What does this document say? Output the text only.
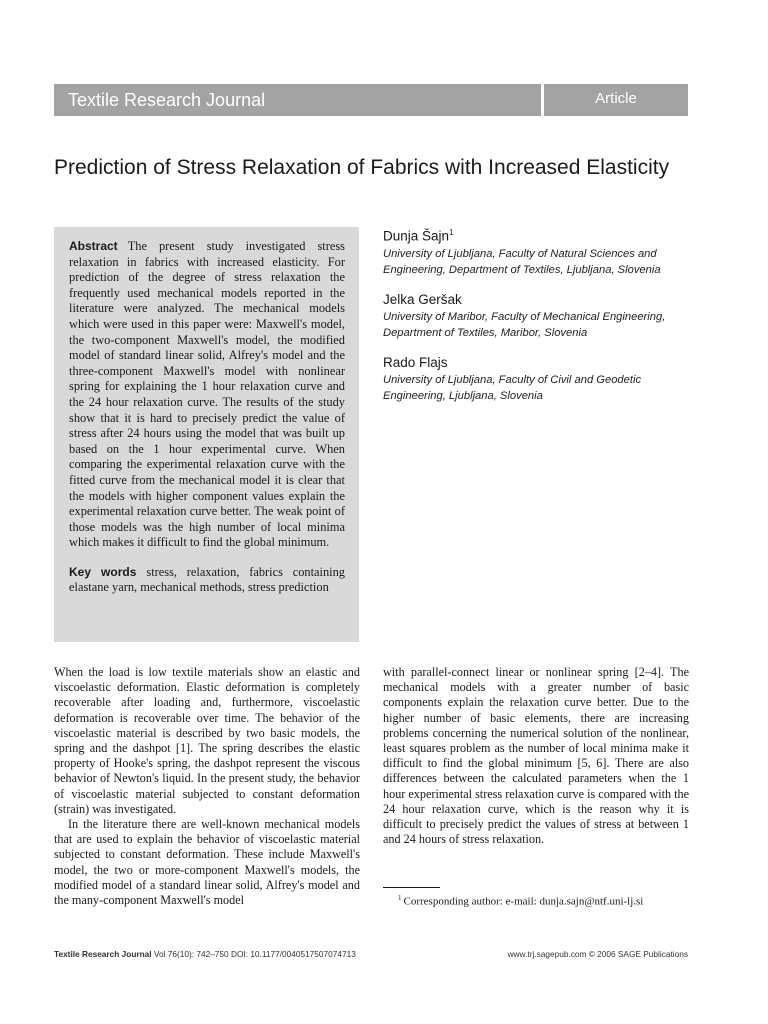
Textile Research Journal	Article
Prediction of Stress Relaxation of Fabrics with Increased Elasticity

Abstract The present study investigated stress relaxation in fabrics with increased elasticity. For prediction of the degree of stress relaxation the frequently used mechanical models reported in the literature were analyzed. The mechanical models which were used in this paper were: Maxwell's model, the two-component Maxwell's model, the modified model of standard linear solid, Alfrey's model and the three-component Maxwell's model with nonlinear spring for explaining the 1 hour relaxation curve and the 24 hour relaxation curve. The results of the study show that it is hard to precisely predict the value of stress after 24 hours using the model that was built up based on the 1 hour experimental curve. When comparing the experimental relaxation curve with the fitted curve from the mechanical model it is clear that the models with higher component values explain the experimental relaxation curve better. The weak point of those models was the high number of local minima which makes it difficult to find the global minimum.

Key words stress, relaxation, fabrics containing elastane yarn, mechanical methods, stress prediction

Dunja Šajn$^1$
University of Ljubljana, Faculty of Natural Sciences and Engineering, Department of Textiles, Ljubljana, Slovenia
Jelka Geršak
University of Maribor, Faculty of Mechanical Engineering, Department of Textiles, Maribor, Slovenia
Rado Flajs
University of Ljubljana, Faculty of Civil and Geodetic Engineering, Ljubljana, Slovenia

When the load is low textile materials show an elastic and viscoelastic deformation. Elastic deformation is completely recoverable after loading and, furthermore, viscoelastic deformation is recoverable over time. The behavior of the viscoelastic material is described by two basic models, the spring and the dashpot [1]. The spring describes the elastic property of Hooke's spring, the dashpot represent the viscous behavior of Newton's liquid. In the present study, the behavior of viscoelastic material subjected to constant deformation (strain) was investigated.

In the literature there are well-known mechanical models that are used to explain the behavior of viscoelastic material subjected to constant deformation. These include Maxwell's model, the two or more-component Maxwell's models, the modified model of a standard linear solid, Alfrey's model and the many-component Maxwell's model

with parallel-connect linear or nonlinear spring [2–4]. The mechanical models with a greater number of basic components explain the relaxation curve better. Due to the higher number of basic elements, there are increasing problems concerning the numerical solution of the nonlinear, least squares problem as the number of local minima make it difficult to find the global minimum [5, 6]. There are also differences between the calculated parameters when the 1 hour experimental stress relaxation curve is compared with the 24 hour relaxation curve, which is the reason why it is difficult to precisely predict the values of stress at between 1 and 24 hours of stress relaxation.

$^1$ Corresponding author: e-mail: dunja.sajn@ntf.uni-lj.si
Textile Research Journal Vol 76(10): 742–750 DOI: 10.1177/0040517507074713	www.trj.sagepub.com © 2006 SAGE Publications
